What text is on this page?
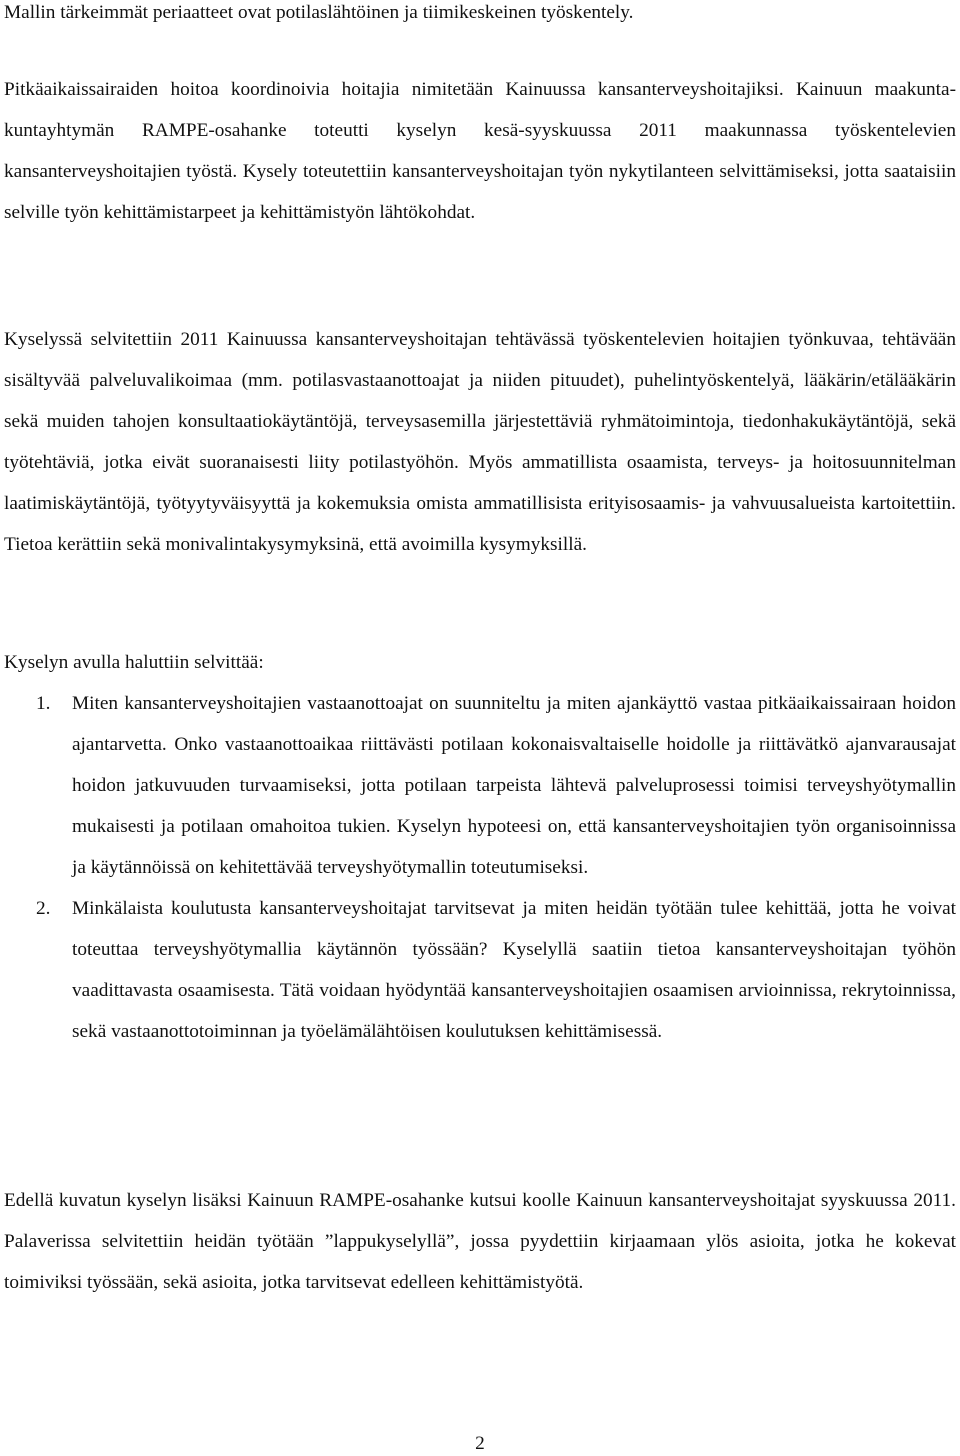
Mallin tärkeimmät periaatteet ovat potilaslähtöinen ja tiimikeskeinen työskentely.
Pitkäaikaissairaiden hoitoa koordinoivia hoitajia nimitetään Kainuussa kansanterveyshoitajiksi. Kainuun maakunta-kuntayhtymän RAMPE-osahanke toteutti kyselyn kesä-syyskuussa 2011 maakunnassa työskentelevien kansanterveyshoitajien työstä. Kysely toteutettiin kansanterveyshoitajan työn nykytilanteen selvittämiseksi, jotta saataisiin selville työn kehittämistarpeet ja kehittämistyön lähtökohdat.
Kyselyssä selvitettiin 2011 Kainuussa kansanterveyshoitajan tehtävässä työskentelevien hoitajien työnkuvaa, tehtävään sisältyvää palveluvalikoimaa (mm. potilasvastaanottoajat ja niiden pituudet), puhelintyöskentelyä, lääkärin/etälääkärin sekä muiden tahojen konsultaatiokäytäntöjä, terveysasemilla järjestettäviä ryhmätoimintoja, tiedonhakukäytäntöjä, sekä työtehtäviä, jotka eivät suoranaisesti liity potilastyöhön. Myös ammatillista osaamista, terveys- ja hoitosuunnitelman laatimiskäytäntöjä, työtyytyväisyyttä ja kokemuksia omista ammatillisista erityisosaamis- ja vahvuusalueista kartoitettiin. Tietoa kerättiin sekä monivalintakysymyksinä, että avoimilla kysymyksillä.
Kyselyn avulla haluttiin selvittää:
1. Miten kansanterveyshoitajien vastaanottoajat on suunniteltu ja miten ajankäyttö vastaa pitkäaikaissairaan hoidon ajantarvetta. Onko vastaanottoaikaa riittävästi potilaan kokonaisvaltaiselle hoidolle ja riittävätkö ajanvarausajat hoidon jatkuvuuden turvaamiseksi, jotta potilaan tarpeista lähtevä palveluprosessi toimisi terveyshyötymallin mukaisesti ja potilaan omahoitoa tukien. Kyselyn hypoteesi on, että kansanterveyshoitajien työn organisoinnissa ja käytännöissä on kehitettävää terveyshyötymallin toteutumiseksi.
2. Minkälaista koulutusta kansanterveyshoitajat tarvitsevat ja miten heidän työtään tulee kehittää, jotta he voivat toteuttaa terveyshyötymallia käytännön työssään? Kyselyllä saatiin tietoa kansanterveyshoitajan työhön vaadittavasta osaamisesta. Tätä voidaan hyödyntää kansanterveyshoitajien osaamisen arvioinnissa, rekrytoinnissa, sekä vastaanottotoiminnan ja työelämälähtöisen koulutuksen kehittämisessä.
Edellä kuvatun kyselyn lisäksi Kainuun RAMPE-osahanke kutsui koolle Kainuun kansanterveyshoitajat syyskuussa 2011. Palaverissa selvitettiin heidän työtään ”lappukyselyllä”, jossa pyydettiin kirjaamaan ylös asioita, jotka he kokevat toimiviksi työssään, sekä asioita, jotka tarvitsevat edelleen kehittämistyötä.
2
